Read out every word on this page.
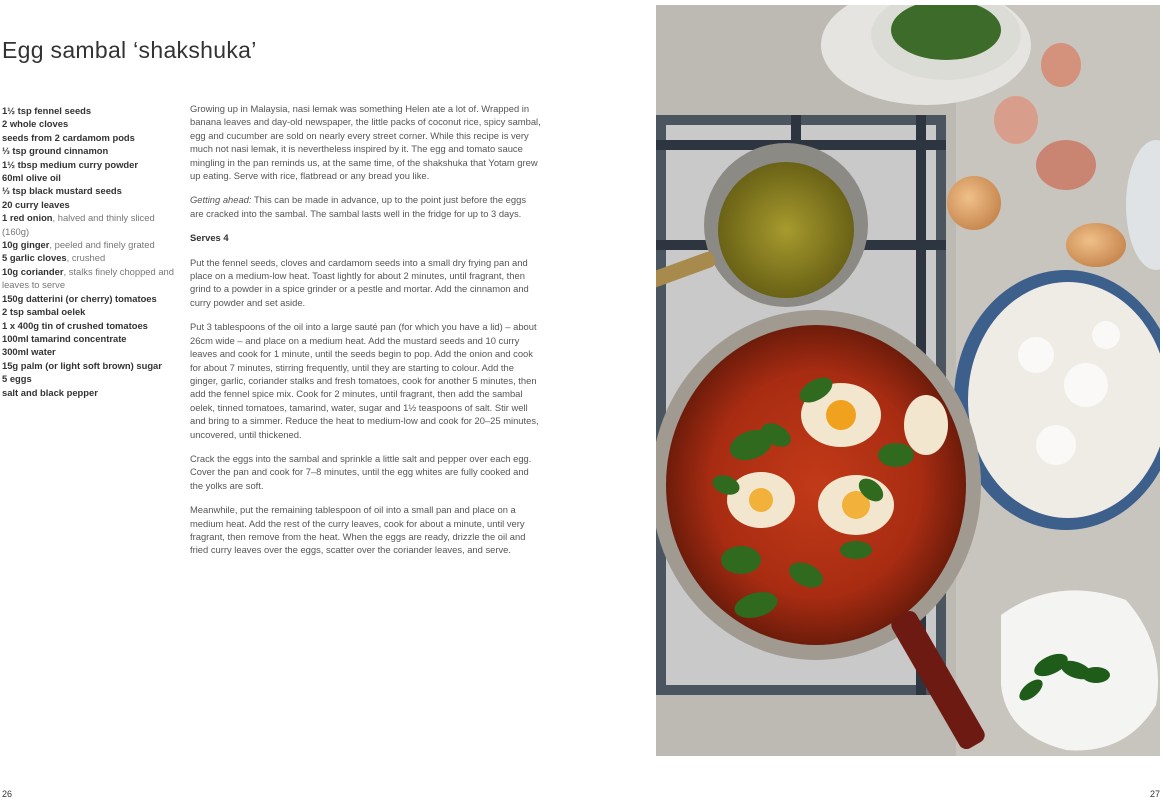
Egg sambal ‘shakshuka’
1½ tsp fennel seeds
2 whole cloves
seeds from 2 cardamom pods
⅓ tsp ground cinnamon
1½ tbsp medium curry powder
60ml olive oil
⅓ tsp black mustard seeds
20 curry leaves
1 red onion, halved and thinly sliced (160g)
10g ginger, peeled and finely grated
5 garlic cloves, crushed
10g coriander, stalks finely chopped and leaves to serve
150g datterini (or cherry) tomatoes
2 tsp sambal oelek
1 x 400g tin of crushed tomatoes
100ml tamarind concentrate
300ml water
15g palm (or light soft brown) sugar
5 eggs
salt and black pepper

Growing up in Malaysia, nasi lemak was something Helen ate a lot of. Wrapped in banana leaves and day-old newspaper, the little packs of coconut rice, spicy sambal, egg and cucumber are sold on nearly every street corner. While this recipe is very much not nasi lemak, it is nevertheless inspired by it. The egg and tomato sauce mingling in the pan reminds us, at the same time, of the shakshuka that Yotam grew up eating. Serve with rice, flatbread or any bread you like.

Getting ahead: This can be made in advance, up to the point just before the eggs are cracked into the sambal. The sambal lasts well in the fridge for up to 3 days.

Serves 4

Put the fennel seeds, cloves and cardamom seeds into a small dry frying pan and place on a medium-low heat. Toast lightly for about 2 minutes, until fragrant, then grind to a powder in a spice grinder or a pestle and mortar. Add the cinnamon and curry powder and set aside.

Put 3 tablespoons of the oil into a large sauté pan (for which you have a lid) – about 26cm wide – and place on a medium heat. Add the mustard seeds and 10 curry leaves and cook for 1 minute, until the seeds begin to pop. Add the onion and cook for about 7 minutes, stirring frequently, until they are starting to colour. Add the ginger, garlic, coriander stalks and fresh tomatoes, cook for another 5 minutes, then add the fennel spice mix. Cook for 2 minutes, until fragrant, then add the sambal oelek, tinned tomatoes, tamarind, water, sugar and 1½ teaspoons of salt. Stir well and bring to a simmer. Reduce the heat to medium-low and cook for 20–25 minutes, uncovered, until thickened.

Crack the eggs into the sambal and sprinkle a little salt and pepper over each egg. Cover the pan and cook for 7–8 minutes, until the egg whites are fully cooked and the yolks are soft.

Meanwhile, put the remaining tablespoon of oil into a small pan and place on a medium heat. Add the rest of the curry leaves, cook for about a minute, until very fragrant, then remove from the heat. When the eggs are ready, drizzle the oil and fried curry leaves over the eggs, scatter over the coriander leaves, and serve.

26	27
